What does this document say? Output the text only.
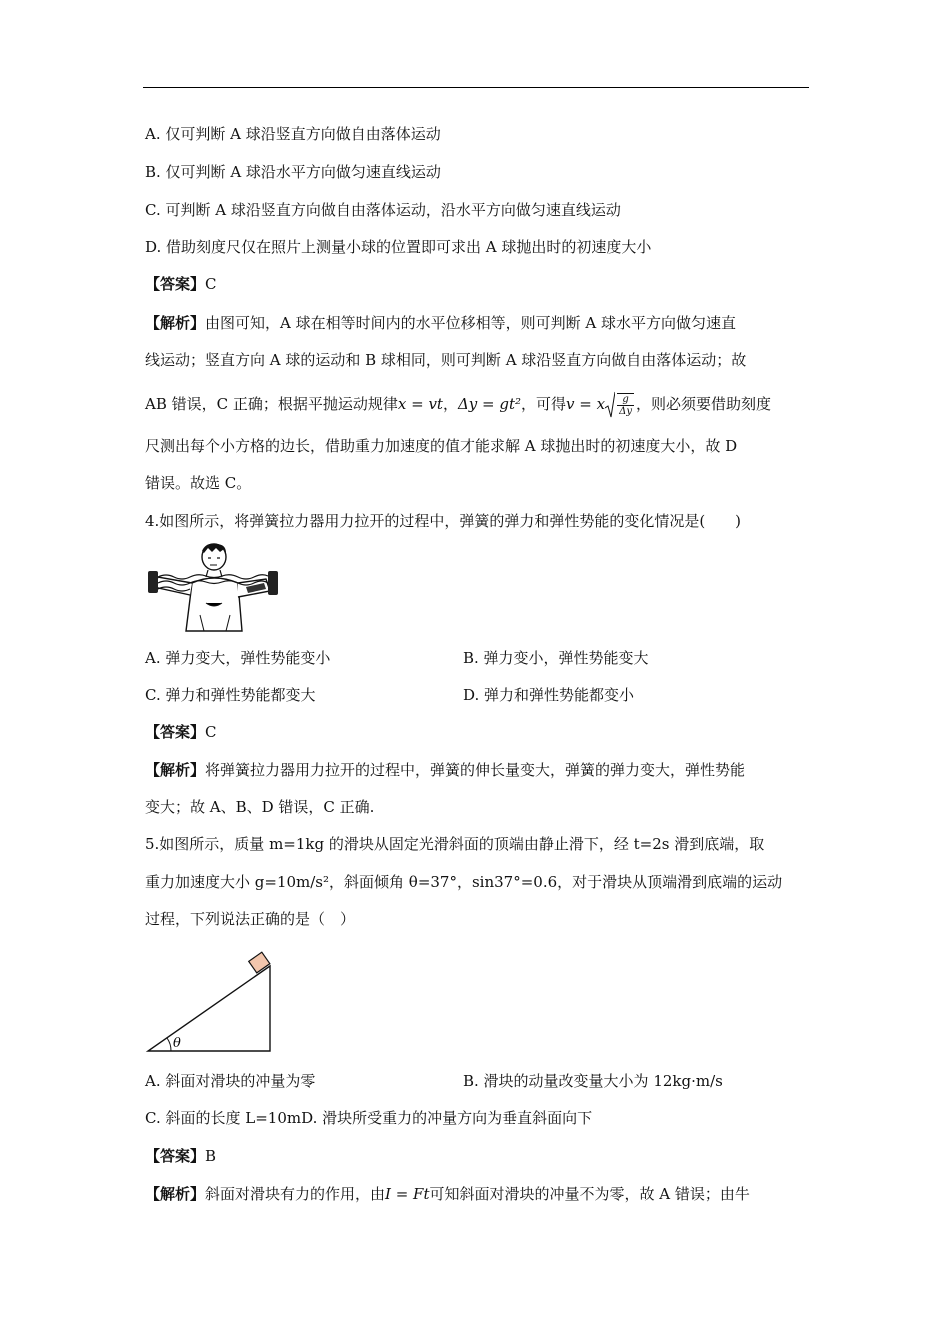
A. 仅可判断 A 球沿竖直方向做自由落体运动
B. 仅可判断 A 球沿水平方向做匀速直线运动
C. 可判断 A 球沿竖直方向做自由落体运动，沿水平方向做匀速直线运动
D. 借助刻度尺仅在照片上测量小球的位置即可求出 A 球抛出时的初速度大小
【答案】C
【解析】由图可知，A 球在相等时间内的水平位移相等，则可判断 A 球水平方向做匀速直
线运动；竖直方向 A 球的运动和 B 球相同，则可判断 A 球沿竖直方向做自由落体运动；故
AB 错误，C 正确；根据平抛运动规律x = vt，Δy = gt²，可得v = x $\frac{g}{\Delta y}$ ，则必须要借助刻度
尺测出每个小方格的边长，借助重力加速度的值才能求解 A 球抛出时的初速度大小，故 D
错误。故选 C。
4.如图所示，将弹簧拉力器用力拉开的过程中，弹簧的弹力和弹性势能的变化情况是(　　)
A. 弹力变大，弹性势能变小	B. 弹力变小，弹性势能变大
C. 弹力和弹性势能都变大	D. 弹力和弹性势能都变小
【答案】C
【解析】将弹簧拉力器用力拉开的过程中，弹簧的伸长量变大，弹簧的弹力变大，弹性势能
变大；故 A、B、D 错误，C 正确.
5.如图所示，质量 m=1kg 的滑块从固定光滑斜面的顶端由静止滑下，经 t=2s 滑到底端，取
重力加速度大小 g=10m/s²，斜面倾角 θ=37°，sin37°=0.6，对于滑块从顶端滑到底端的运动
过程，下列说法正确的是（　）
θ
A. 斜面对滑块的冲量为零	B. 滑块的动量改变量大小为 12kg·m/s
C. 斜面的长度 L=10mD. 滑块所受重力的冲量方向为垂直斜面向下
【答案】B
【解析】斜面对滑块有力的作用，由I = Ft可知斜面对滑块的冲量不为零，故 A 错误；由牛
